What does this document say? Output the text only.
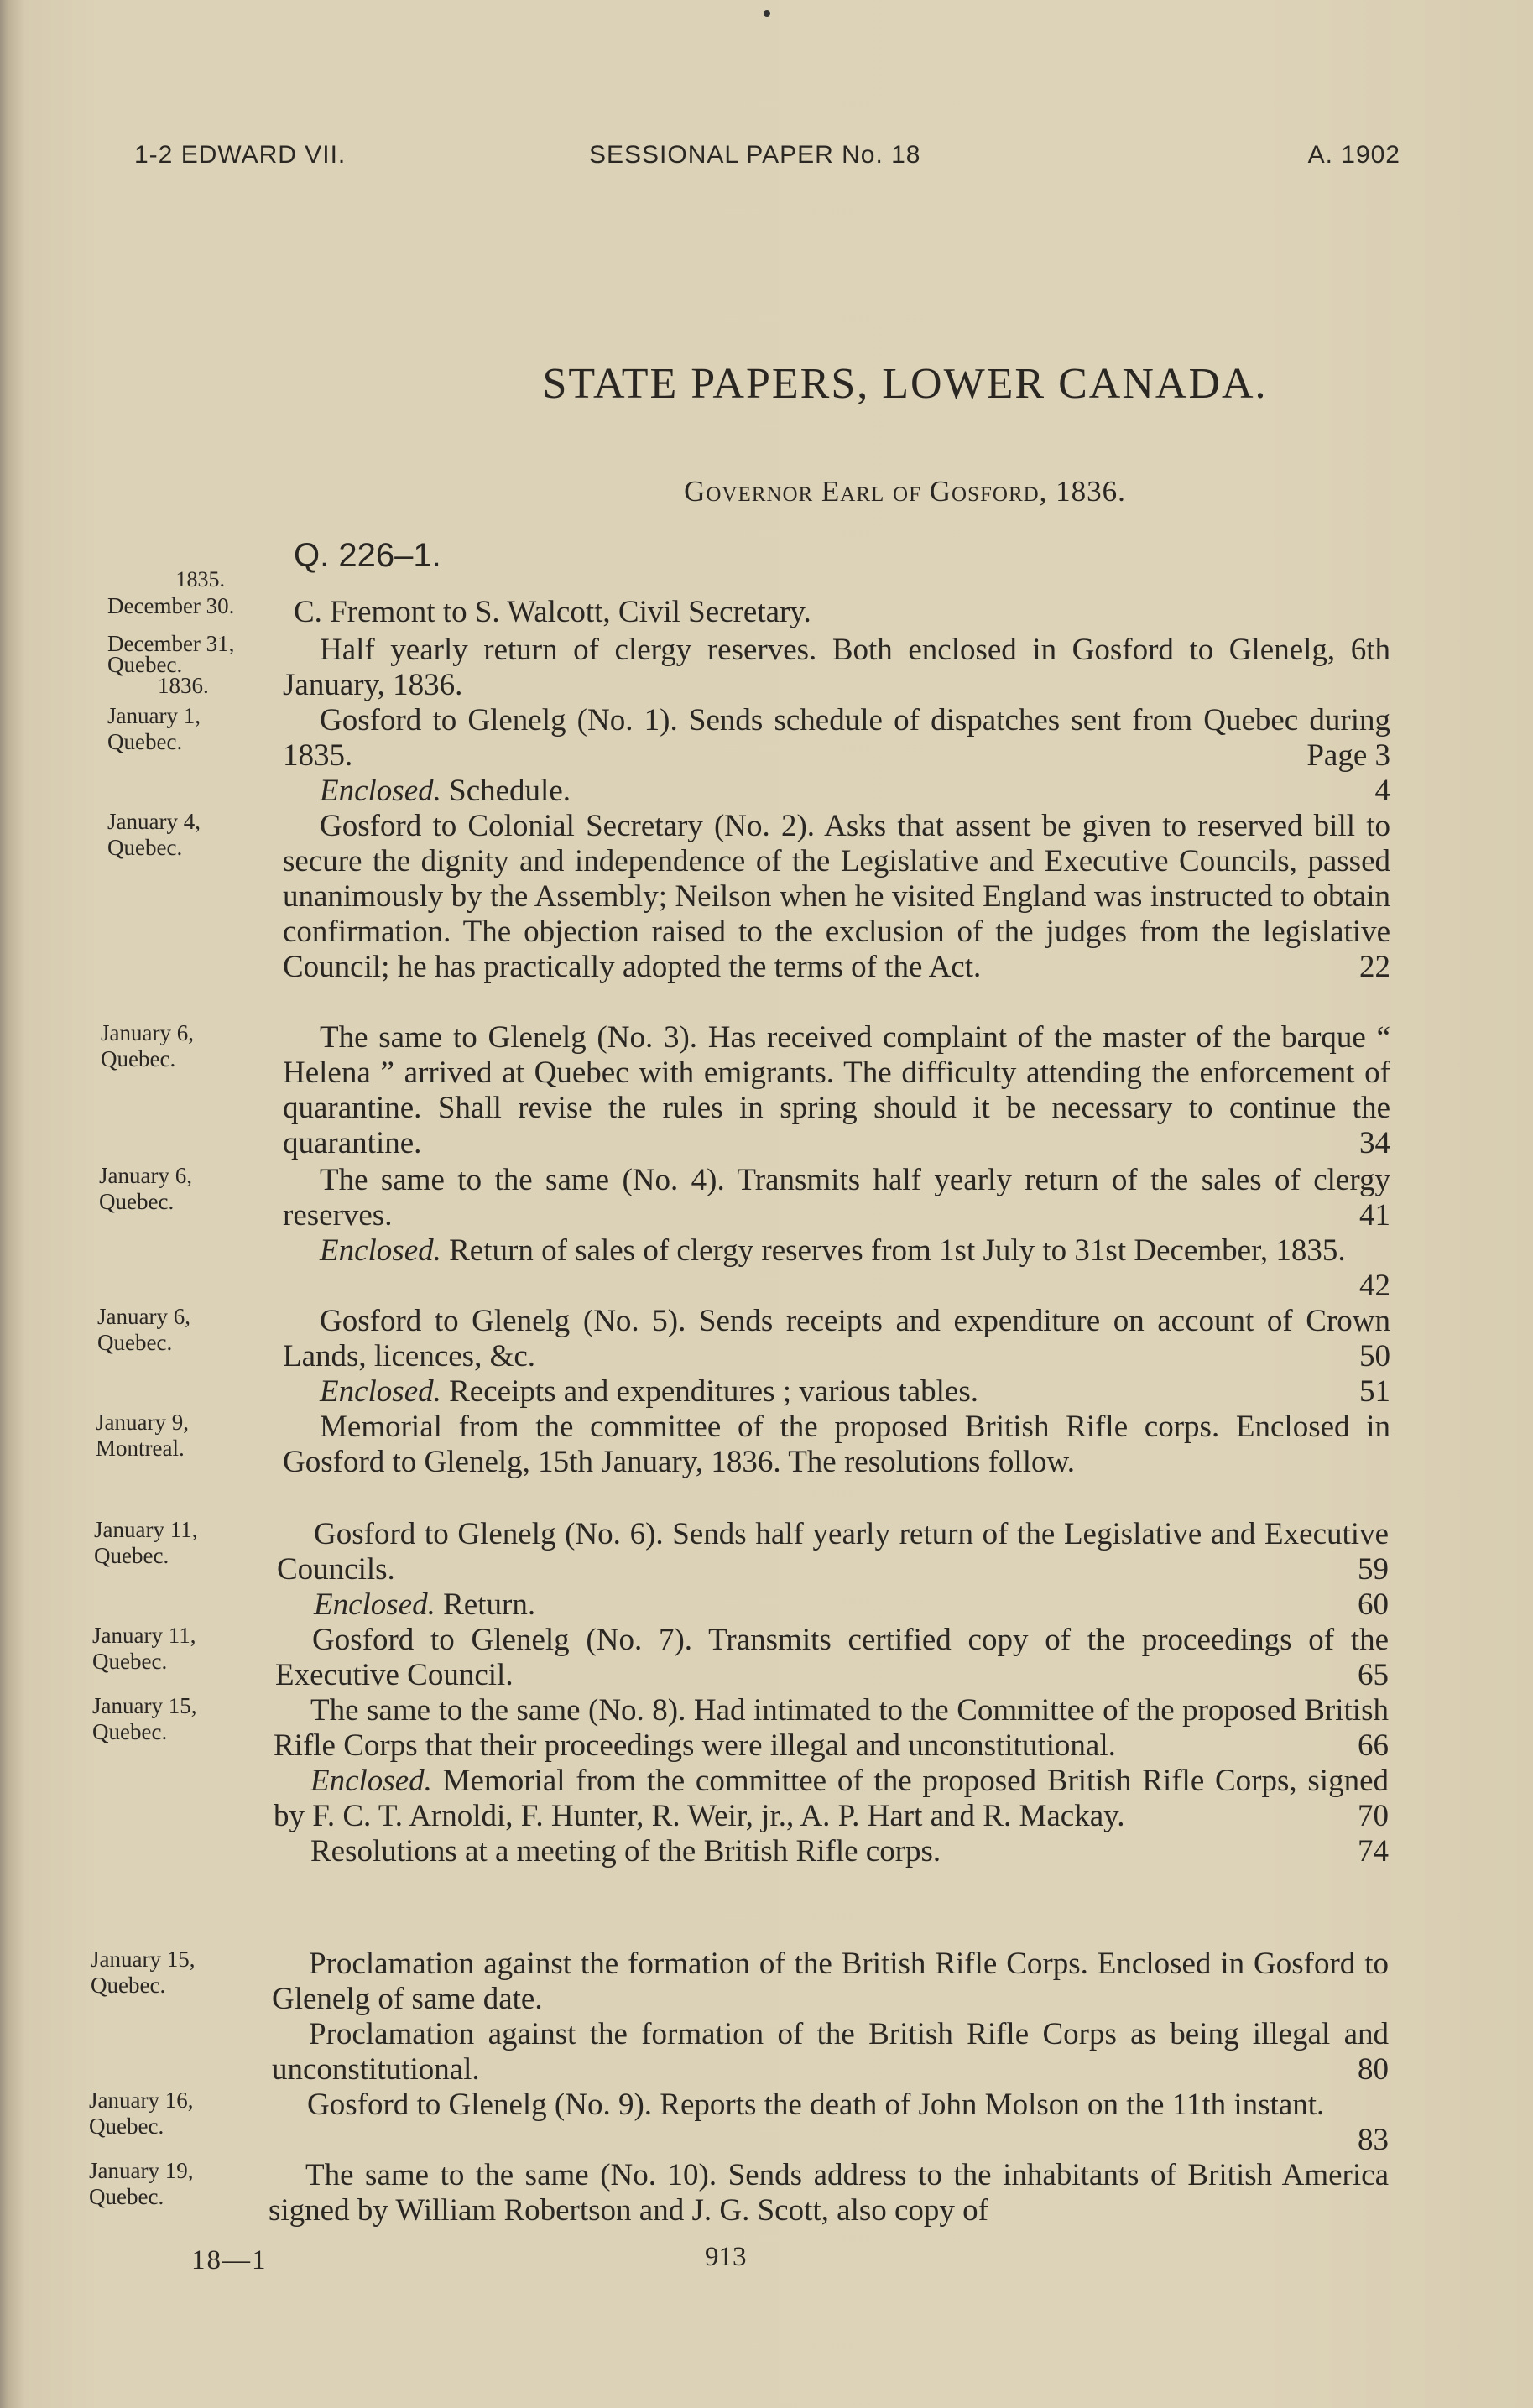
1-2 EDWARD VII.	SESSIONAL PAPER No. 18	A. 1902
STATE PAPERS, LOWER CANADA.
Governor Earl of Gosford, 1836.
Q. 226–1.
1835.
December 30.	C. Fremont to S. Walcott, Civil Secretary.

December 31,
Quebec.
1836.

Half yearly return of clergy reserves. Both enclosed in Gosford to Glenelg, 6th January, 1836.

January 1,
Quebec.

Gosford to Glenelg (No. 1). Sends schedule of dispatches sent from Quebec during 1835.	Page 3

Enclosed. Schedule.	4

January 4,
Quebec.

Gosford to Colonial Secretary (No. 2). Asks that assent be given to reserved bill to secure the dignity and independence of the Legislative and Executive Councils, passed unanimously by the Assembly; Neilson when he visited England was instructed to obtain confirmation. The objection raised to the exclusion of the judges from the legislative Council; he has practically adopted the terms of the Act.	22

January 6,
Quebec.

The same to Glenelg (No. 3). Has received complaint of the master of the barque “ Helena ” arrived at Quebec with emigrants. The difficulty attending the enforcement of quarantine. Shall revise the rules in spring should it be necessary to continue the quarantine.	34

January 6,
Quebec.

The same to the same (No. 4). Transmits half yearly return of the sales of clergy reserves.	41

Enclosed. Return of sales of clergy reserves from 1st July to 31st December, 1835.
42

January 6,
Quebec.

Gosford to Glenelg (No. 5). Sends receipts and expenditure on account of Crown Lands, licences, &c.	50

Enclosed. Receipts and expenditures ; various tables.	51

January 9,
Montreal.

Memorial from the committee of the proposed British Rifle corps. Enclosed in Gosford to Glenelg, 15th January, 1836. The resolutions follow.

January 11,
Quebec.

Gosford to Glenelg (No. 6). Sends half yearly return of the Legislative and Executive Councils.	59

Enclosed. Return.	60

January 11,
Quebec.

Gosford to Glenelg (No. 7). Transmits certified copy of the proceedings of the Executive Council.	65

January 15,
Quebec.

The same to the same (No. 8). Had intimated to the Committee of the proposed British Rifle Corps that their proceedings were illegal and unconstitutional.	66

Enclosed. Memorial from the committee of the proposed British Rifle Corps, signed by F. C. T. Arnoldi, F. Hunter, R. Weir, jr., A. P. Hart and R. Mackay.	70

Resolutions at a meeting of the British Rifle corps.	74

January 15,
Quebec.

Proclamation against the formation of the British Rifle Corps. Enclosed in Gosford to Glenelg of same date.

Proclamation against the formation of the British Rifle Corps as being illegal and unconstitutional.	80

January 16,
Quebec.

Gosford to Glenelg (No. 9). Reports the death of John Molson on the 11th instant.
83

January 19,
Quebec.

The same to the same (No. 10). Sends address to the inhabitants of British America signed by William Robertson and J. G. Scott, also copy of

18—1	913
